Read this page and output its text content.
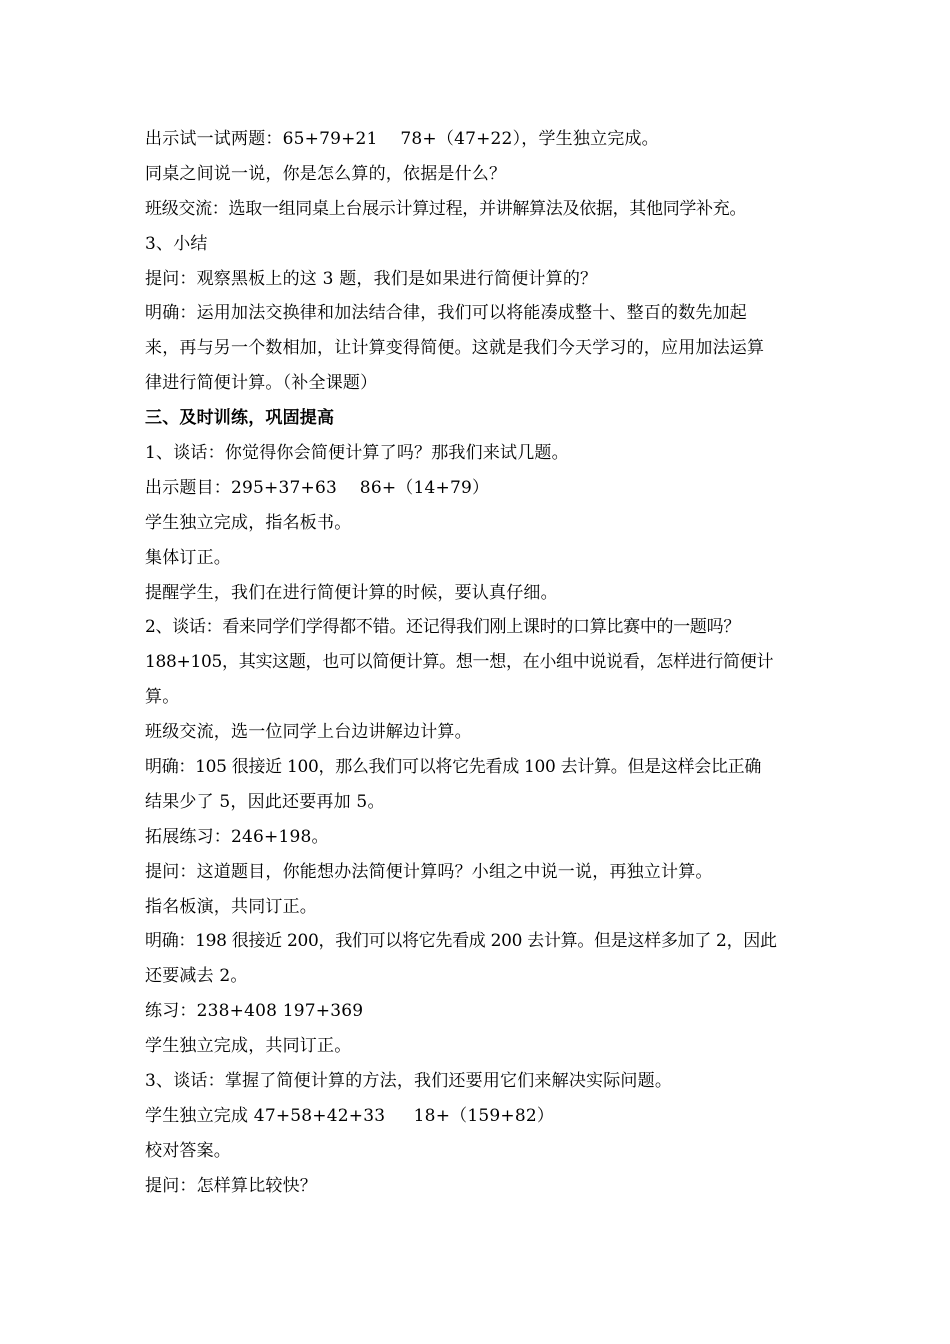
出示试一试两题：65+79+21　 78+（47+22），学生独立完成。
同桌之间说一说，你是怎么算的，依据是什么？
班级交流：选取一组同桌上台展示计算过程，并讲解算法及依据，其他同学补充。
3、小结
提问：观察黑板上的这 3 题，我们是如果进行简便计算的？
明确：运用加法交换律和加法结合律，我们可以将能凑成整十、整百的数先加起
来，再与另一个数相加，让计算变得简便。这就是我们今天学习的，应用加法运算
律进行简便计算。（补全课题）
三、及时训练，巩固提高
1、谈话：你觉得你会简便计算了吗？那我们来试几题。
出示题目：295+37+63　 86+（14+79）
学生独立完成，指名板书。
集体订正。
提醒学生，我们在进行简便计算的时候，要认真仔细。
2、谈话：看来同学们学得都不错。还记得我们刚上课时的口算比赛中的一题吗？
188+105，其实这题，也可以简便计算。想一想，在小组中说说看，怎样进行简便计
算。
班级交流，选一位同学上台边讲解边计算。
明确：105 很接近 100，那么我们可以将它先看成 100 去计算。但是这样会比正确
结果少了 5，因此还要再加 5。
拓展练习：246+198。
提问：这道题目，你能想办法简便计算吗？小组之中说一说，再独立计算。
指名板演，共同订正。
明确：198 很接近 200，我们可以将它先看成 200 去计算。但是这样多加了 2，因此
还要减去 2。
练习：238+408 197+369
学生独立完成，共同订正。
3、谈话：掌握了简便计算的方法，我们还要用它们来解决实际问题。
学生独立完成 47+58+42+33 　 18+（159+82）
校对答案。
提问：怎样算比较快？
